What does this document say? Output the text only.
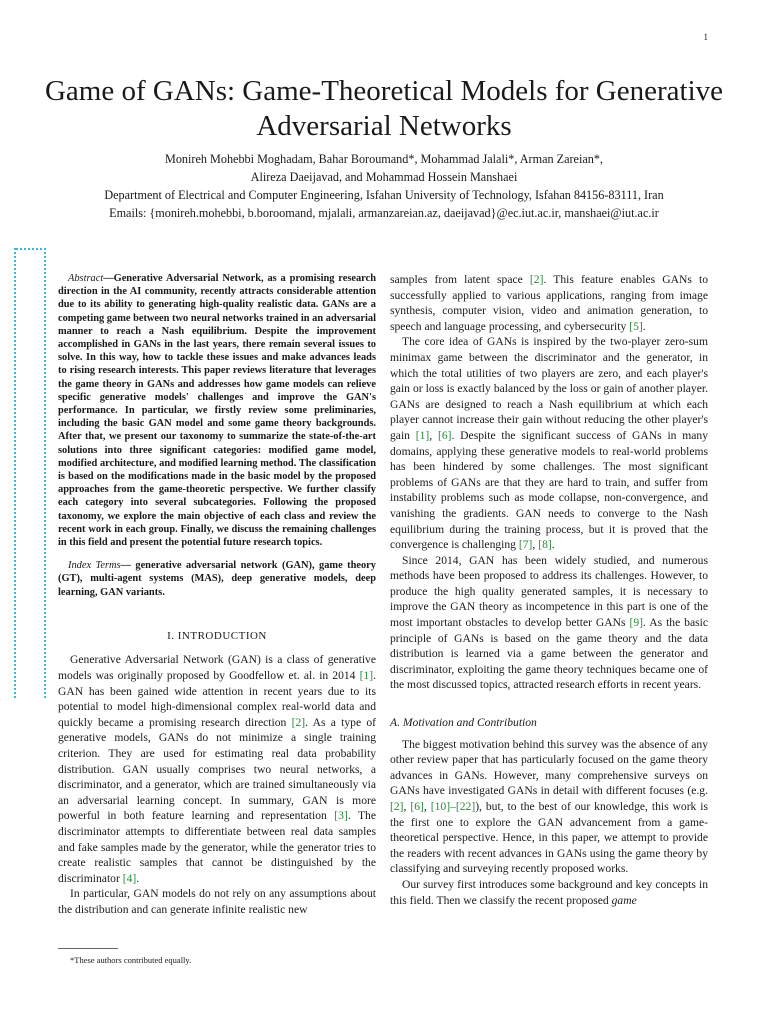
1
Game of GANs: Game-Theoretical Models for Generative Adversarial Networks
Monireh Mohebbi Moghadam, Bahar Boroumand*, Mohammad Jalali*, Arman Zareian*,
Alireza Daeijavad, and Mohammad Hossein Manshaei
Department of Electrical and Computer Engineering, Isfahan University of Technology, Isfahan 84156-83111, Iran
Emails: {monireh.mohebbi, b.boroomand, mjalali, armanzareian.az, daeijavad}@ec.iut.ac.ir, manshaei@iut.ac.ir

Abstract—Generative Adversarial Network, as a promising research direction in the AI community, recently attracts considerable attention due to its ability to generating high-quality realistic data. GANs are a competing game between two neural networks trained in an adversarial manner to reach a Nash equilibrium. Despite the improvement accomplished in GANs in the last years, there remain several issues to solve. In this way, how to tackle these issues and make advances leads to rising research interests. This paper reviews literature that leverages the game theory in GANs and addresses how game models can relieve specific generative models' challenges and improve the GAN's performance. In particular, we firstly review some preliminaries, including the basic GAN model and some game theory backgrounds. After that, we present our taxonomy to summarize the state-of-the-art solutions into three significant categories: modified game model, modified architecture, and modified learning method. The classification is based on the modifications made in the basic model by the proposed approaches from the game-theoretic perspective. We further classify each category into several subcategories. Following the proposed taxonomy, we explore the main objective of each class and review the recent work in each group. Finally, we discuss the remaining challenges in this field and present the potential future research topics.

Index Terms— generative adversarial network (GAN), game theory (GT), multi-agent systems (MAS), deep generative models, deep learning, GAN variants.

I. INTRODUCTION

Generative Adversarial Network (GAN) is a class of generative models was originally proposed by Goodfellow et. al. in 2014 [1]. GAN has been gained wide attention in recent years due to its potential to model high-dimensional complex real-world data and quickly became a promising research direction [2]. As a type of generative models, GANs do not minimize a single training criterion. They are used for estimating real data probability distribution. GAN usually comprises two neural networks, a discriminator, and a generator, which are trained simultaneously via an adversarial learning concept. In summary, GAN is more powerful in both feature learning and representation [3]. The discriminator attempts to differentiate between real data samples and fake samples made by the generator, while the generator tries to create realistic samples that cannot be distinguished by the discriminator [4].

In particular, GAN models do not rely on any assumptions about the distribution and can generate infinite realistic new

samples from latent space [2]. This feature enables GANs to successfully applied to various applications, ranging from image synthesis, computer vision, video and animation generation, to speech and language processing, and cybersecurity [5].

The core idea of GANs is inspired by the two-player zero-sum minimax game between the discriminator and the generator, in which the total utilities of two players are zero, and each player's gain or loss is exactly balanced by the loss or gain of another player. GANs are designed to reach a Nash equilibrium at which each player cannot increase their gain without reducing the other player's gain [1], [6]. Despite the significant success of GANs in many domains, applying these generative models to real-world problems has been hindered by some challenges. The most significant problems of GANs are that they are hard to train, and suffer from instability problems such as mode collapse, non-convergence, and vanishing the gradients. GAN needs to converge to the Nash equilibrium during the training process, but it is proved that the convergence is challenging [7], [8].

Since 2014, GAN has been widely studied, and numerous methods have been proposed to address its challenges. However, to produce the high quality generated samples, it is necessary to improve the GAN theory as incompetence in this part is one of the most important obstacles to develop better GANs [9]. As the basic principle of GANs is based on the game theory and the data distribution is learned via a game between the generator and discriminator, exploiting the game theory techniques became one of the most discussed topics, attracted research efforts in recent years.

A. Motivation and Contribution

The biggest motivation behind this survey was the absence of any other review paper that has particularly focused on the game theory advances in GANs. However, many comprehensive surveys on GANs have investigated GANs in detail with different focuses (e.g. [2], [6], [10]–[22]), but, to the best of our knowledge, this work is the first one to explore the GAN advancement from a game-theoretical perspective. Hence, in this paper, we attempt to provide the readers with recent advances in GANs using the game theory by classifying and surveying recently proposed works.

Our survey first introduces some background and key concepts in this field. Then we classify the recent proposed game

*These authors contributed equally.
